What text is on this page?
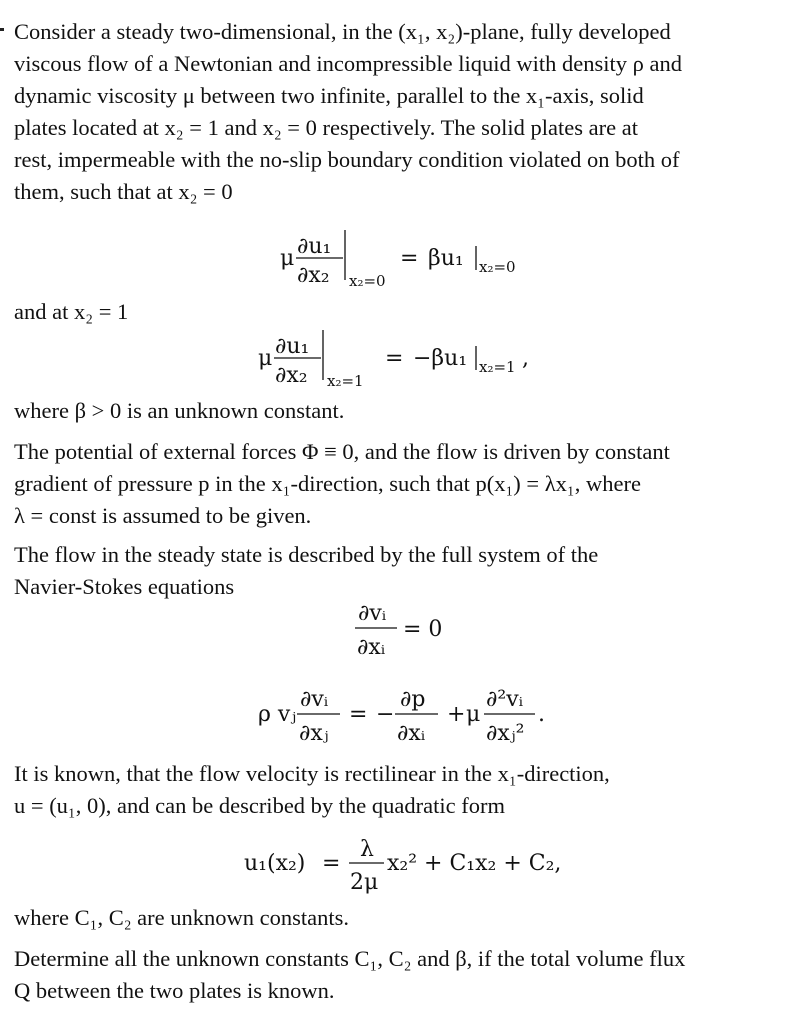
Consider a steady two-dimensional, in the (x₁, x₂)-plane, fully developed
viscous flow of a Newtonian and incompressible liquid with density ρ and
dynamic viscosity μ between two infinite, parallel to the x₁-axis, solid
plates located at x₂ = 1 and x₂ = 0 respectively. The solid plates are at
rest, impermeable with the no-slip boundary condition violated on both of
them, such that at x₂ = 0
μ ∂u₁
∂x₂ x₂=0
= βu₁ x₂=0
and at x₂ = 1
μ ∂u₁
∂x₂ x₂=1
= −βu₁ x₂=1 ,
where β > 0 is an unknown constant.
The potential of external forces Φ ≡ 0, and the flow is driven by constant
gradient of pressure p in the x₁-direction, such that p(x₁) = λx₁, where
λ = const is assumed to be given.
The flow in the steady state is described by the full system of the
Navier-Stokes equations
∂vᵢ
∂xᵢ
= 0
ρ vⱼ
∂vᵢ
∂xⱼ
= −
∂p
∂xᵢ
+ μ
∂²vᵢ
∂xⱼ²
.
It is known, that the flow velocity is rectilinear in the x₁-direction,
u = (u₁, 0), and can be described by the quadratic form
u₁(x₂) =
λ
2μ
x₂² + C₁x₂ + C₂,
where C₁, C₂ are unknown constants.
Determine all the unknown constants C₁, C₂ and β, if the total volume flux
Q between the two plates is known.
